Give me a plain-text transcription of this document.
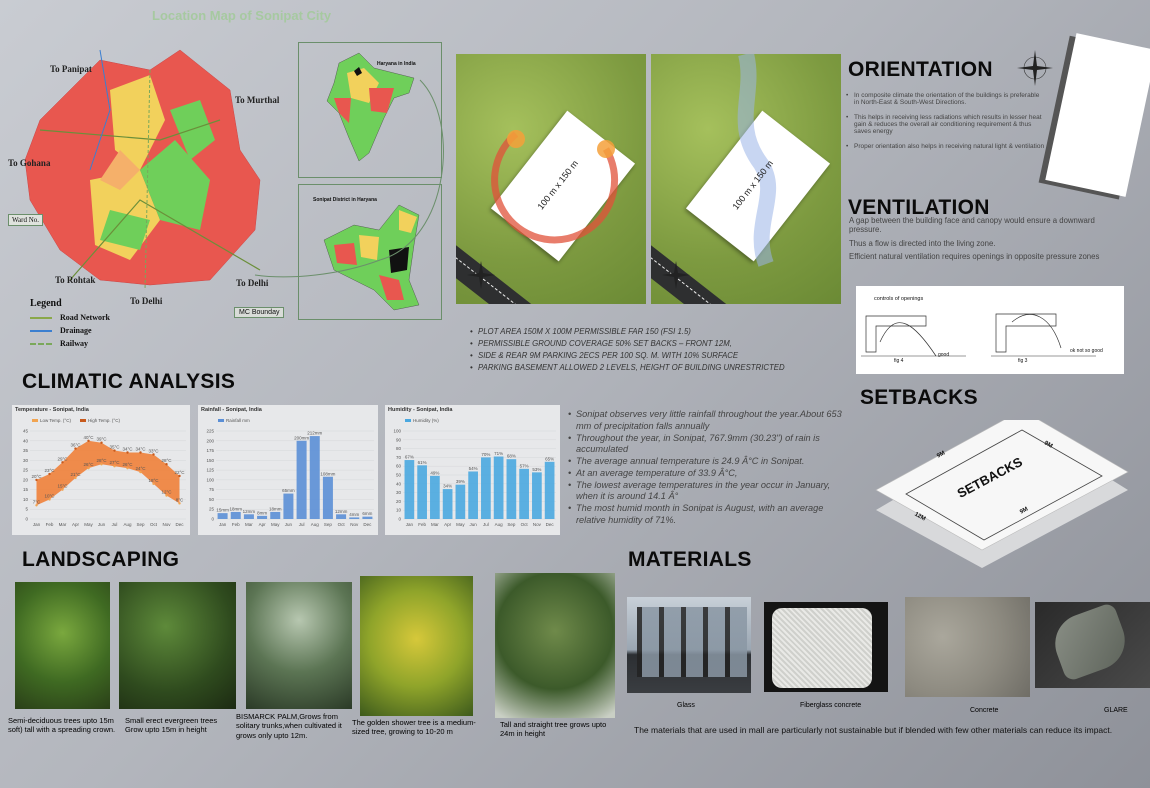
Location Map of Sonipat City
To Panipat
To Murthal
To Gohana
Ward No.
To Rohtak
To Delhi
To Delhi
MC Bounday
Legend
Road Network
Drainage
Railway
Haryana in India
Sonipat District in Haryana	100 m x 150 m	100 m x 150 m
• PLOT AREA 150M X 100M PERMISSIBLE FAR 150 (FSI 1.5)
• PERMISSIBLE GROUND COVERAGE 50% SET BACKS – FRONT 12M,
• SIDE & REAR 9M PARKING 2ECS PER 100 SQ. M. WITH 10% SURFACE
• PARKING BASEMENT ALLOWED 2 LEVELS, HEIGHT OF BUILDING UNRESTRICTED
ORIENTATION
• In composite climate the orientation of the buildings is preferable in North-East & South-West Directions.
• This helps in receiving less radiations which results in lesser heat gain & reduces the overall air conditioning requirement & thus saves energy
• Proper orientation also helps in receiving natural light & ventilation
VENTILATION
A gap between the building face and canopy would ensure a downward pressure.
Thus a flow is directed into the living zone.
Efficient natural ventilation requires openings in opposite pressure zones
controls of openings
fig 4
good
fig 3
ok not so good
SETBACKS
SETBACKS
9M
9M
12M
9M
CLIMATIC ANALYSIS
Temperature - Sonipat, India
0
5
10
15
20
25
30
35
40
45
Jan Feb Mar Apr May Jun Jul Aug Sep Oct Nov Dec
7°C
10°C
15°C
21°C
26°C
28°C 27°C 26°C
24°C
18°C
12°C
8°C
20°C
23°C
29°C
36°C
40°C 39°C
35°C 34°C 34°C 33°C
28°C
22°C
Low Temp. (°C)	High Temp. (°C)
Rainfall - Sonipat, India
0
25
50
75
100
125
150
175
200
225
Jan Feb Mar Apr May Jun Jul Aug Sep Oct Nov Dec
15mm 18mm 12mm 8mm
18mm
65mm
200mm
212mm
108mm
12mm
4mm 6mm
Rainfall mm
Humidity - Sonipat, India
0
10
20
30
40
50
60
70
80
90
100
Jan Feb Mar Apr May Jun Jul Aug Sep Oct Nov Dec
67%
61%
49%
34%
39%
54%
70% 71%
68%
57%
53%
65%
Humidity (%)
• Sonipat observes very little rainfall throughout the year.About 653 mm of precipitation falls annually
• Throughout the year, in Sonipat, 767.9mm (30.23") of rain is accumulated
• The average annual temperature is 24.9 Â°C in Sonipat.
• At an average temperature of 33.9 Â°C,
• The lowest average temperatures in the year occur in January, when it is around 14.1 Â°
• The most humid month in Sonipat is August, with an average relative humidity of 71%.
LANDSCAPING
Semi-deciduous trees upto 15m soft) tall with a spreading crown.
Small erect evergreen trees Grow upto 15m in height
BISMARCK PALM,Grows from solitary trunks,when cultivated it grows only upto 12m.
The golden shower tree is a medium-sized tree, growing to 10-20 m
Tall and straight tree grows upto 24m in height
MATERIALS
Glass	Fiberglass concrete
Concrete	GLARE
The materials that are used in mall are particularly not sustainable but if blended with few other materials can reduce its impact.
